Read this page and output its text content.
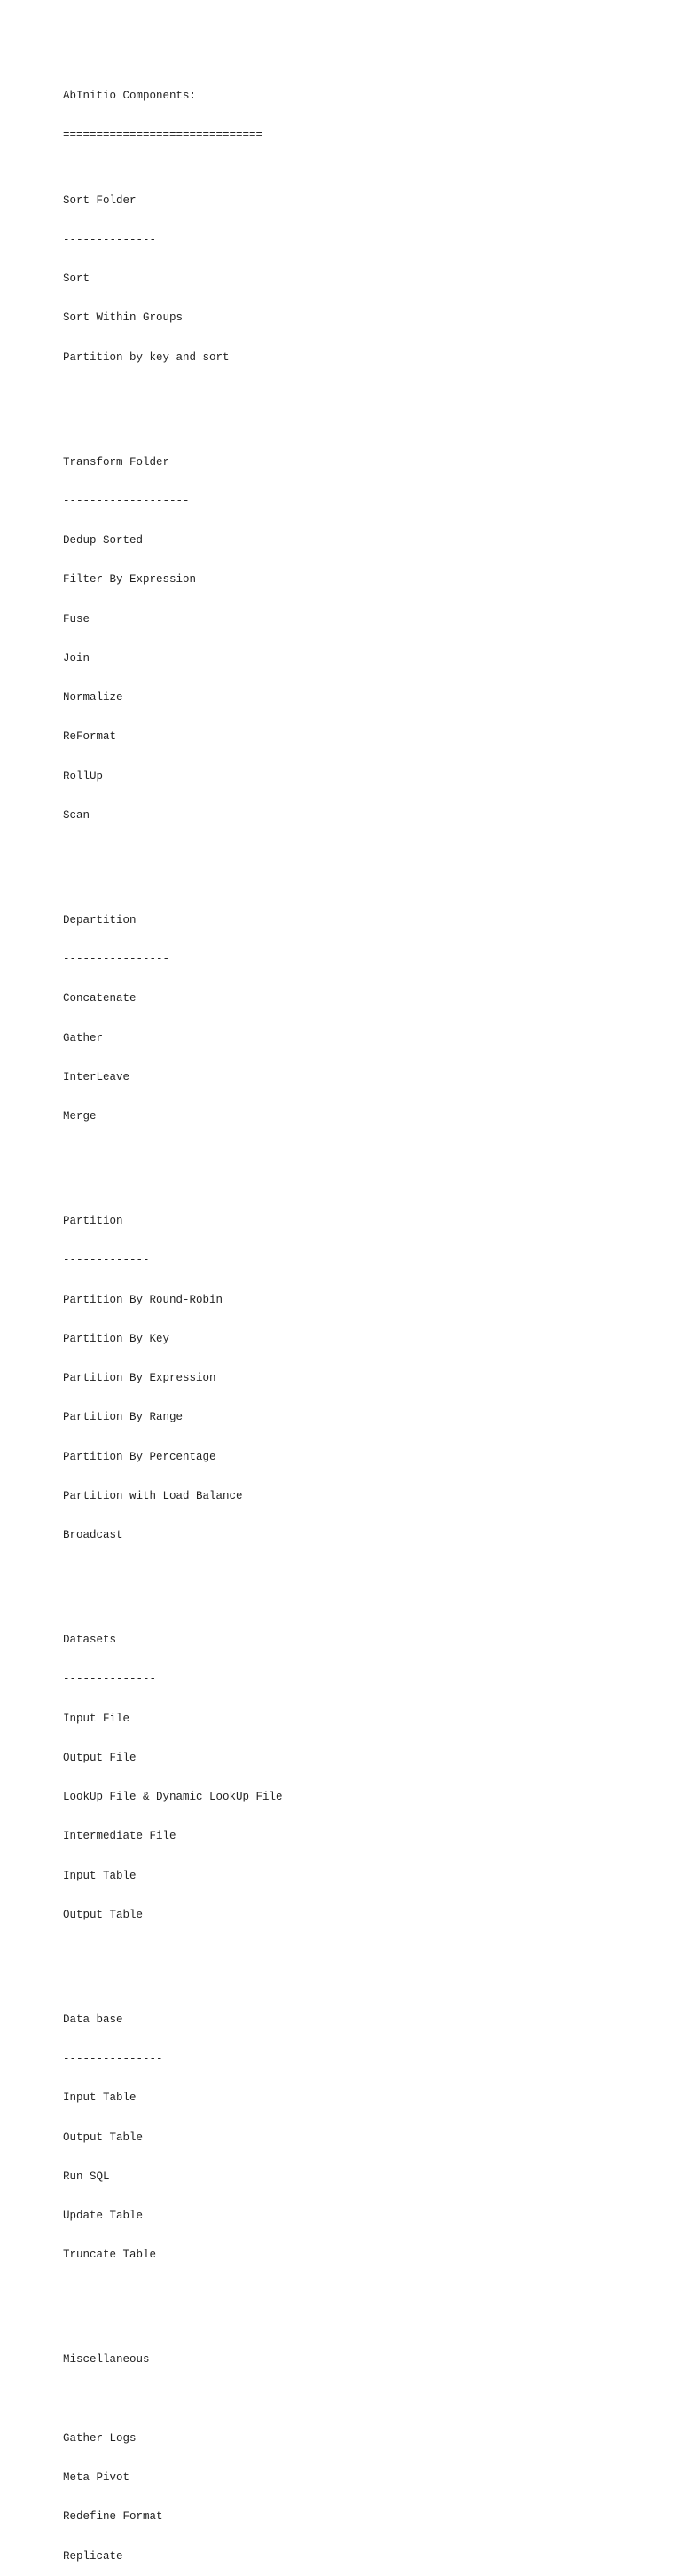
AbInitio Components:

==============================

Sort Folder

--------------

Sort

Sort Within Groups

Partition by key and sort

Transform Folder

-------------------

Dedup Sorted

Filter By Expression

Fuse

Join

Normalize

ReFormat

RollUp

Scan

Departition

----------------

Concatenate

Gather

InterLeave

Merge

Partition

-------------

Partition By Round-Robin

Partition By Key

Partition By Expression

Partition By Range

Partition By Percentage

Partition with Load Balance

Broadcast

Datasets

--------------

Input File

Output File

LookUp File & Dynamic LookUp File

Intermediate File

Input Table

Output Table

Data base

---------------

Input Table

Output Table

Run SQL

Update Table

Truncate Table

Miscellaneous

-------------------

Gather Logs

Meta Pivot

Redefine Format

Replicate
